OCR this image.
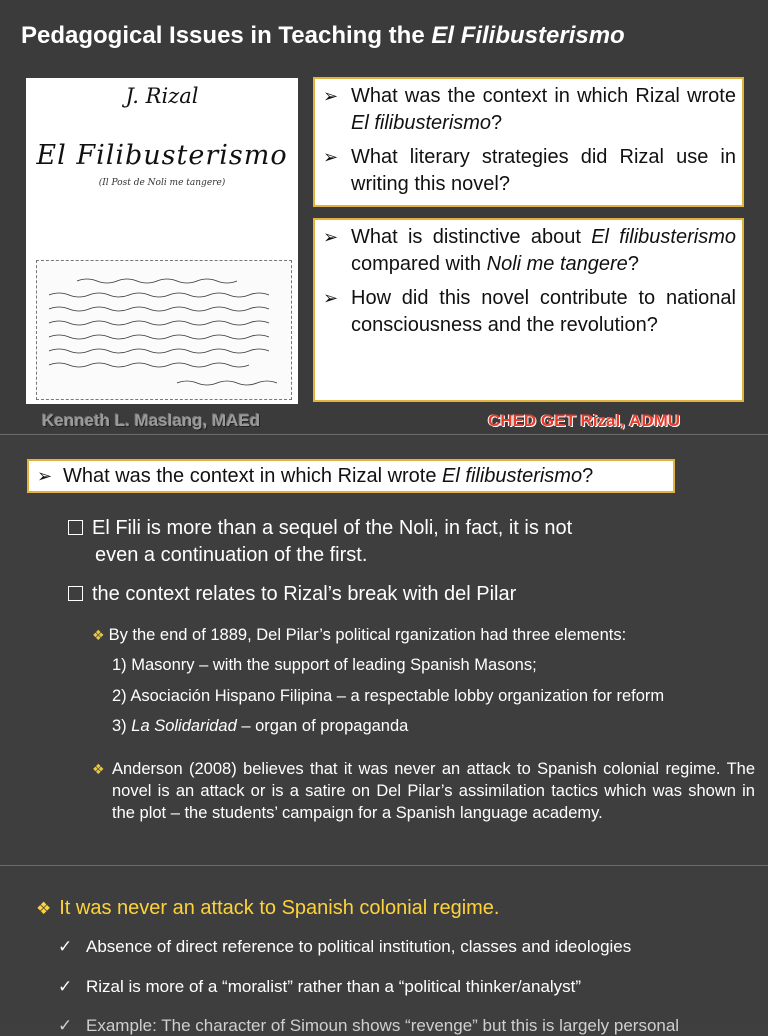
Pedagogical Issues in Teaching the El Filibusterismo
J. Rizal
El Filibusterismo
(Il Post de Noli me tangere)
➢ What was the context in which Rizal wrote El filibusterismo?
➢ What literary strategies did Rizal use in writing this novel?
➢ What is distinctive about El filibusterismo compared with Noli me tangere?
➢ How did this novel contribute to national consciousness and the revolution?
Kenneth L. Maslang, MAEd	CHED GET Rizal, ADMU
➢ What was the context in which Rizal wrote El filibusterismo?
El Fili is more than a sequel of the Noli, in fact, it is not
even a continuation of the first.
the context relates to Rizal’s break with del Pilar
❖ By the end of 1889, Del Pilar’s political rganization had three elements:
1) Masonry – with the support of leading Spanish Masons;
2) Asociación Hispano Filipina – a respectable lobby organization for reform
3) La Solidaridad – organ of propaganda
❖ Anderson (2008) believes that it was never an attack to Spanish colonial regime. The novel is an attack or is a satire on Del Pilar’s assimilation tactics which was shown in the plot – the students’ campaign for a Spanish language academy.
❖ It was never an attack to Spanish colonial regime.
✓ Absence of direct reference to political institution, classes and ideologies
✓ Rizal is more of a “moralist” rather than a “political thinker/analyst”
✓ Example: The character of Simoun shows “revenge” but this is largely personal
